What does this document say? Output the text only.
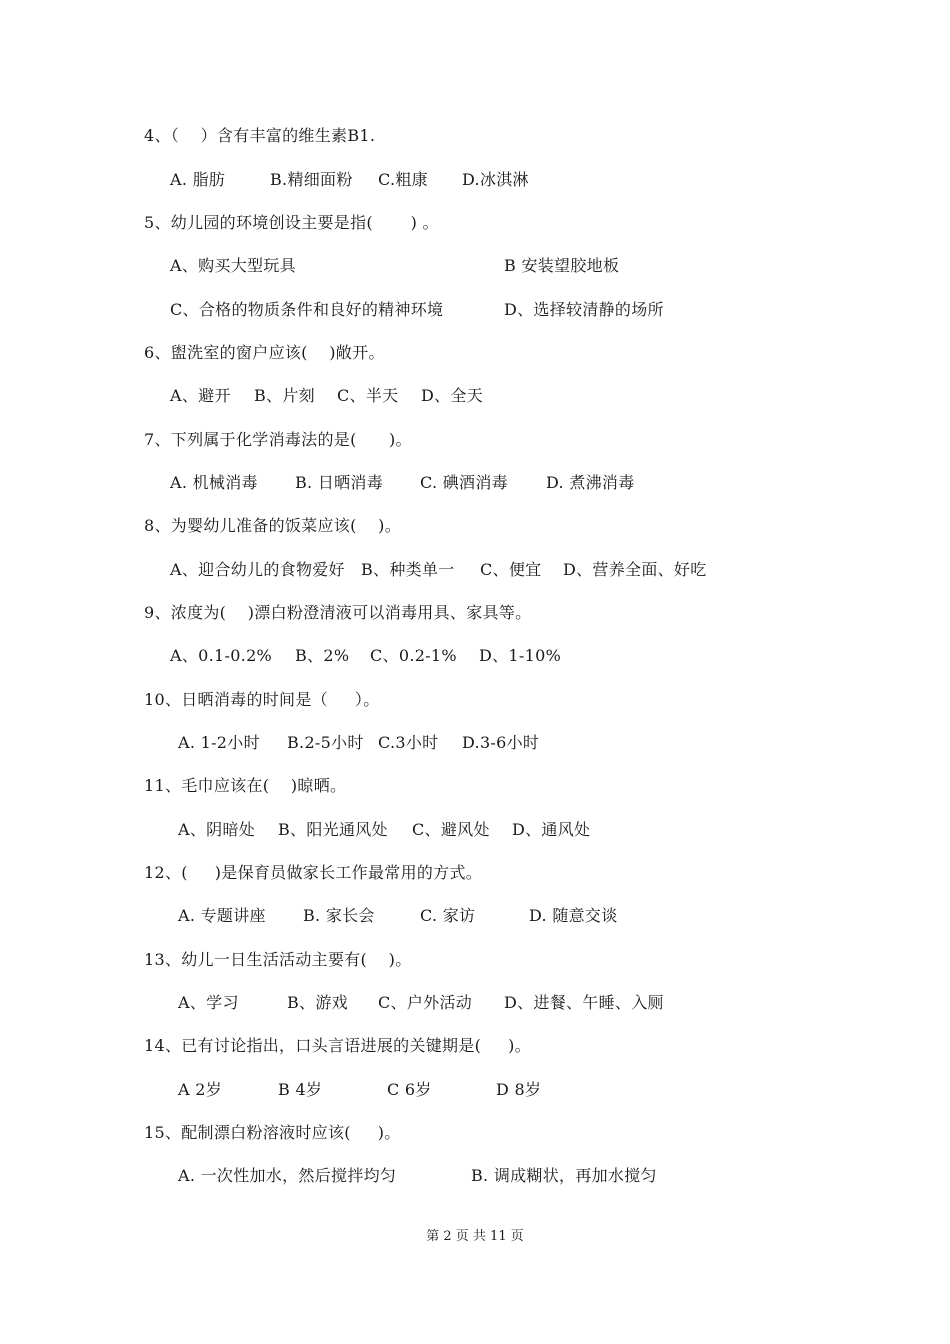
4、（    ）含有丰富的维生素B1.
A. 脂肪	B.精细面粉 C.粗康 D.冰淇淋
5、幼儿园的环境创设主要是指(       ) 。
A、购买大型玩具	B 安装望胶地板
C、合格的物质条件和良好的精神环境	D、选择较清静的场所
6、盥洗室的窗户应该(    )敞开。
A、避开 B、片刻 C、半天 D、全天
7、下列属于化学消毒法的是(      )。
A. 机械消毒 B. 日晒消毒 C. 碘酒消毒 D. 煮沸消毒
8、为婴幼儿准备的饭菜应该(    )。
A、迎合幼儿的食物爱好 B、种类单一 C、便宜 D、营养全面、好吃
9、浓度为(    )漂白粉澄清液可以消毒用具、家具等。
A、0.1-0.2% B、2% C、0.2-1% D、1-10%
10、日晒消毒的时间是（     ）。
A. 1-2小时 B.2-5小时 C.3小时 D.3-6小时
11、毛巾应该在(    )晾晒。
A、阴暗处 B、阳光通风处 C、避风处 D、通风处
12、(     )是保育员做家长工作最常用的方式。
A. 专题讲座 B. 家长会	C. 家访	D. 随意交谈
13、幼儿一日生活活动主要有(    )。
A、学习	B、游戏 C、户外活动 D、进餐、午睡、入厕
14、已有讨论指出，口头言语进展的关键期是(     )。
A 2岁	B 4岁	C 6岁	D 8岁
15、配制漂白粉溶液时应该(     )。
A. 一次性加水，然后搅拌均匀	B. 调成糊状，再加水搅匀
第 2 页 共 11 页
